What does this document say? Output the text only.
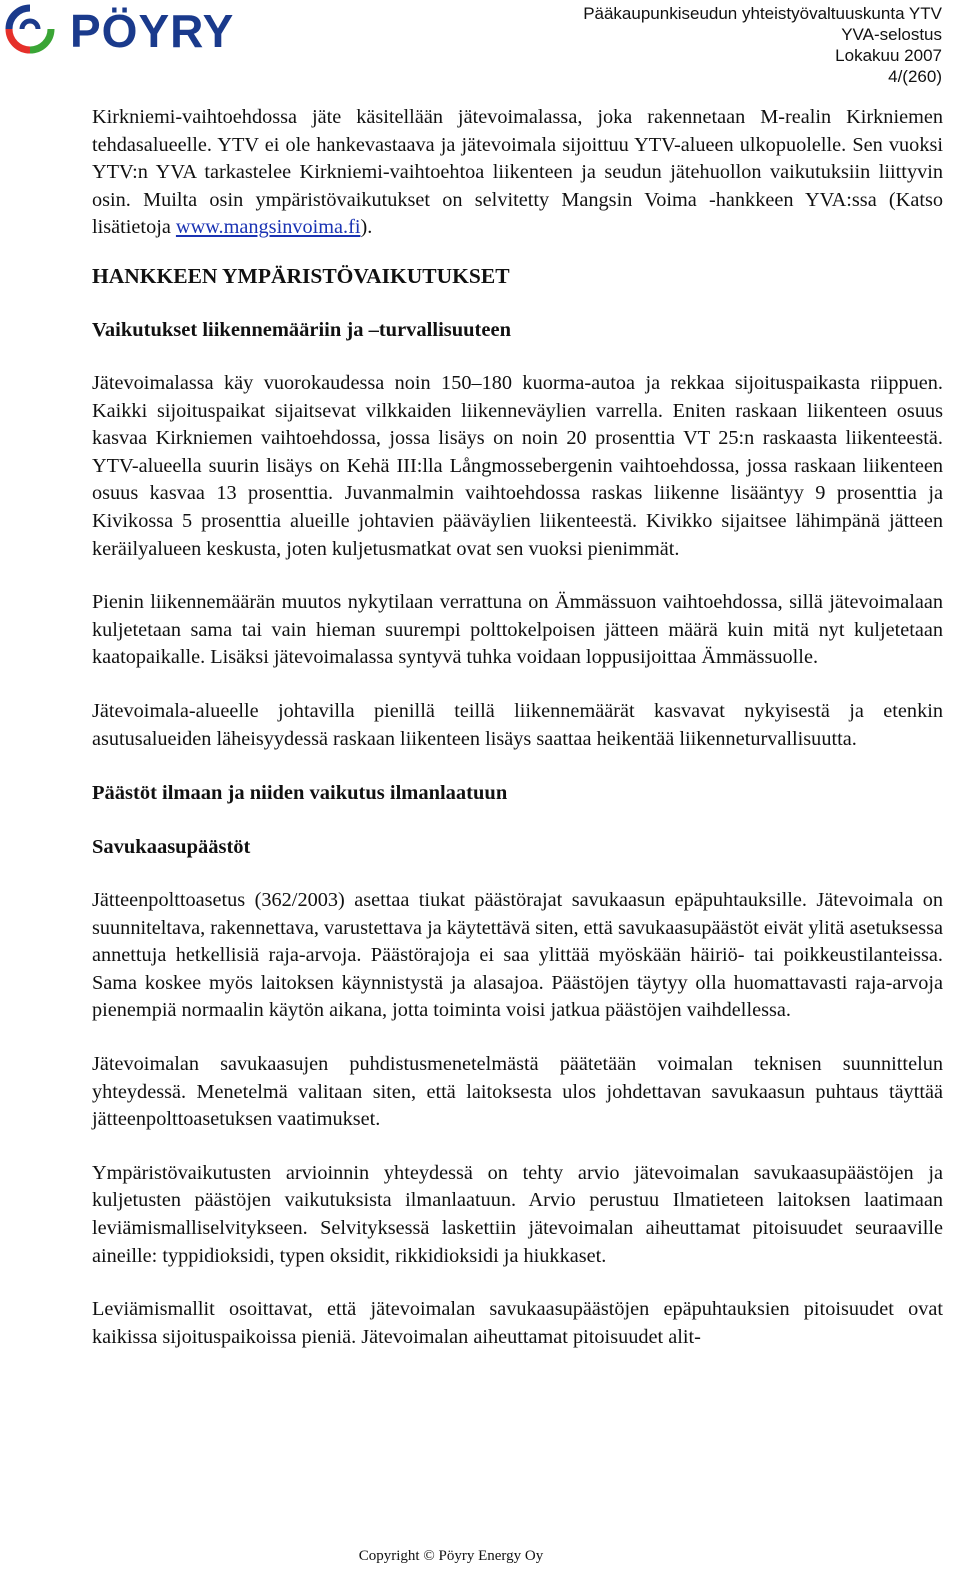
PÖYRY	Pääkaupunkiseudun yhteistyövaltuuskunta YTV
YVA-selostus
Lokakuu 2007
4/(260)

Kirkniemi-vaihtoehdossa jäte käsitellään jätevoimalassa, joka rakennetaan M-realin Kirkniemen tehdasalueelle. YTV ei ole hankevastaava ja jätevoimala sijoittuu YTV-alueen ulkopuolelle. Sen vuoksi YTV:n YVA tarkastelee Kirkniemi-vaihtoehtoa liikenteen ja seudun jätehuollon vaikutuksiin liittyvin osin. Muilta osin ympäristövaikutukset on selvitetty Mangsin Voima -hankkeen YVA:ssa (Katso lisätietoja www.mangsinvoima.fi).

HANKKEEN YMPÄRISTÖVAIKUTUKSET
Vaikutukset liikennemääriin ja –turvallisuuteen

Jätevoimalassa käy vuorokaudessa noin 150–180 kuorma-autoa ja rekkaa sijoituspaikasta riippuen. Kaikki sijoituspaikat sijaitsevat vilkkaiden liikenneväylien varrella. Eniten raskaan liikenteen osuus kasvaa Kirkniemen vaihtoehdossa, jossa lisäys on noin 20 prosenttia VT 25:n raskaasta liikenteestä. YTV-alueella suurin lisäys on Kehä III:lla Långmossebergenin vaihtoehdossa, jossa raskaan liikenteen osuus kasvaa 13 prosenttia. Juvanmalmin vaihtoehdossa raskas liikenne lisääntyy 9 prosenttia ja Kivikossa 5 prosenttia alueille johtavien pääväylien liikenteestä. Kivikko sijaitsee lähimpänä jätteen keräilyalueen keskusta, joten kuljetusmatkat ovat sen vuoksi pienimmät.

Pienin liikennemäärän muutos nykytilaan verrattuna on Ämmässuon vaihtoehdossa, sillä jätevoimalaan kuljetetaan sama tai vain hieman suurempi polttokelpoisen jätteen määrä kuin mitä nyt kuljetetaan kaatopaikalle. Lisäksi jätevoimalassa syntyvä tuhka voidaan loppusijoittaa Ämmässuolle.

Jätevoimala-alueelle johtavilla pienillä teillä liikennemäärät kasvavat nykyisestä ja etenkin asutusalueiden läheisyydessä raskaan liikenteen lisäys saattaa heikentää liikenneturvallisuutta.

Päästöt ilmaan ja niiden vaikutus ilmanlaatuun
Savukaasupäästöt

Jätteenpolttoasetus (362/2003) asettaa tiukat päästörajat savukaasun epäpuhtauksille. Jätevoimala on suunniteltava, rakennettava, varustettava ja käytettävä siten, että savukaasupäästöt eivät ylitä asetuksessa annettuja hetkellisiä raja-arvoja. Päästörajoja ei saa ylittää myöskään häiriö- tai poikkeustilanteissa. Sama koskee myös laitoksen käynnistystä ja alasajoa. Päästöjen täytyy olla huomattavasti raja-arvoja pienempiä normaalin käytön aikana, jotta toiminta voisi jatkua päästöjen vaihdellessa.

Jätevoimalan savukaasujen puhdistusmenetelmästä päätetään voimalan teknisen suunnittelun yhteydessä. Menetelmä valitaan siten, että laitoksesta ulos johdettavan savukaasun puhtaus täyttää jätteenpolttoasetuksen vaatimukset.

Ympäristövaikutusten arvioinnin yhteydessä on tehty arvio jätevoimalan savukaasupäästöjen ja kuljetusten päästöjen vaikutuksista ilmanlaatuun. Arvio perustuu Ilmatieteen laitoksen laatimaan leviämismalliselvitykseen. Selvityksessä laskettiin jätevoimalan aiheuttamat pitoisuudet seuraaville aineille: typpidioksidi, typen oksidit, rikkidioksidi ja hiukkaset.

Leviämismallit osoittavat, että jätevoimalan savukaasupäästöjen epäpuhtauksien pitoisuudet ovat kaikissa sijoituspaikoissa pieniä. Jätevoimalan aiheuttamat pitoisuudet alit-

Copyright © Pöyry Energy Oy
